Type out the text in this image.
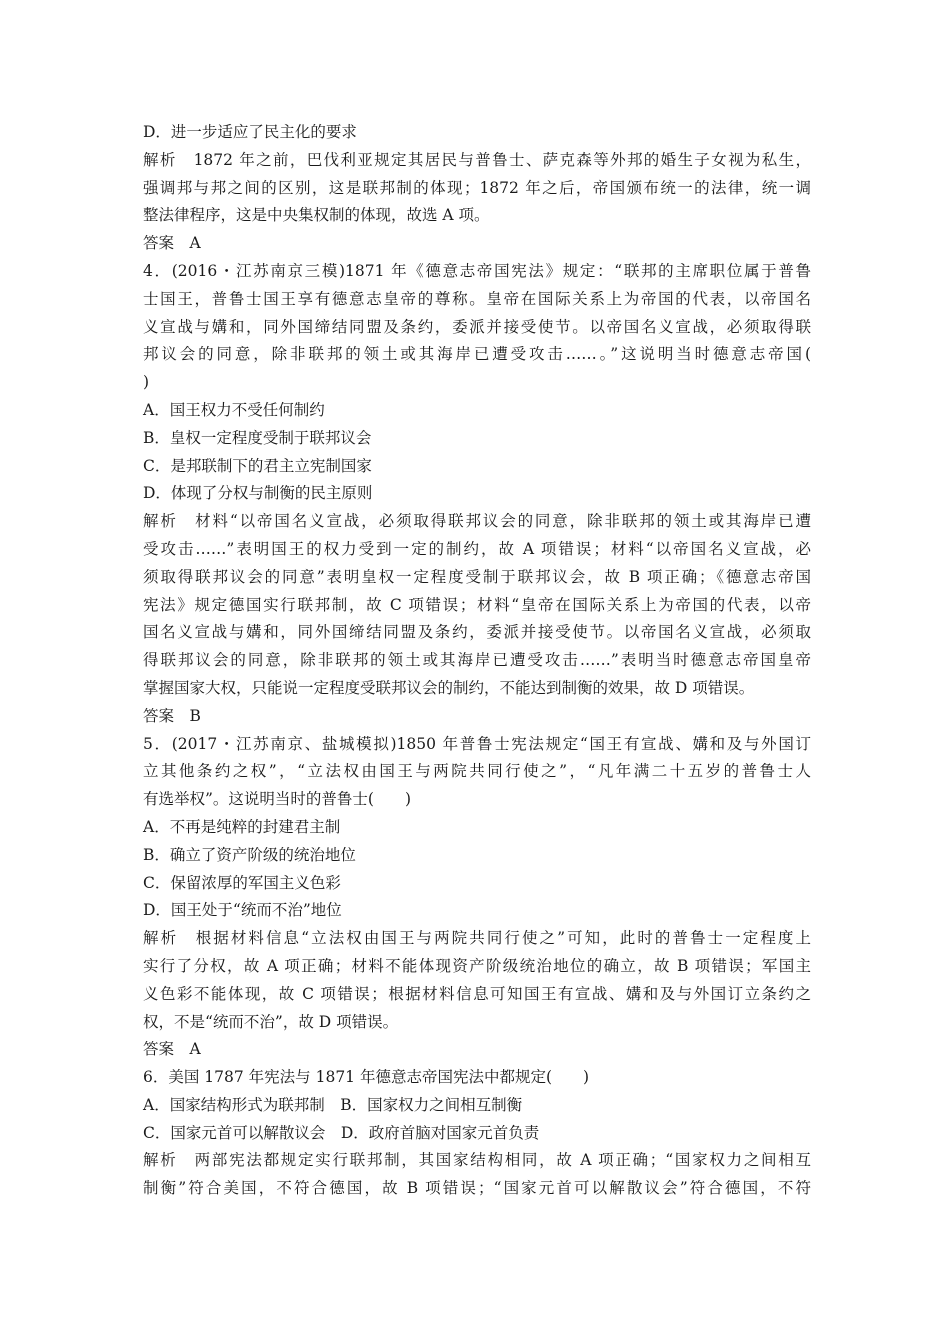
D．进一步适应了民主化的要求
解析　1872 年之前，巴伐利亚规定其居民与普鲁士、萨克森等外邦的婚生子女视为私生，
强调邦与邦之间的区别，这是联邦制的体现；1872 年之后，帝国颁布统一的法律，统一调
整法律程序，这是中央集权制的体现，故选 A 项。
答案　A
4．(2016・江苏南京三模)1871 年《德意志帝国宪法》规定：“联邦的主席职位属于普鲁
士国王，普鲁士国王享有德意志皇帝的尊称。皇帝在国际关系上为帝国的代表，以帝国名
义宣战与媾和，同外国缔结同盟及条约，委派并接受使节。以帝国名义宣战，必须取得联
邦议会的同意，除非联邦的领土或其海岸已遭受攻击……。”这说明当时德意志帝国(
)
A．国王权力不受任何制约
B．皇权一定程度受制于联邦议会
C．是邦联制下的君主立宪制国家
D．体现了分权与制衡的民主原则
解析　材料“以帝国名义宣战，必须取得联邦议会的同意，除非联邦的领土或其海岸已遭
受攻击……”表明国王的权力受到一定的制约，故 A 项错误；材料“以帝国名义宣战，必
须取得联邦议会的同意”表明皇权一定程度受制于联邦议会，故 B 项正确；《德意志帝国
宪法》规定德国实行联邦制，故 C 项错误；材料“皇帝在国际关系上为帝国的代表，以帝
国名义宣战与媾和，同外国缔结同盟及条约，委派并接受使节。以帝国名义宣战，必须取
得联邦议会的同意，除非联邦的领土或其海岸已遭受攻击……”表明当时德意志帝国皇帝
掌握国家大权，只能说一定程度受联邦议会的制约，不能达到制衡的效果，故 D 项错误。
答案　B
5．(2017・江苏南京、盐城模拟)1850 年普鲁士宪法规定“国王有宣战、媾和及与外国订
立其他条约之权”，“立法权由国王与两院共同行使之”，“凡年满二十五岁的普鲁士人
有选举权”。这说明当时的普鲁士(　　)
A．不再是纯粹的封建君主制
B．确立了资产阶级的统治地位
C．保留浓厚的军国主义色彩
D．国王处于“统而不治”地位
解析　根据材料信息“立法权由国王与两院共同行使之”可知，此时的普鲁士一定程度上
实行了分权，故 A 项正确；材料不能体现资产阶级统治地位的确立，故 B 项错误；军国主
义色彩不能体现，故 C 项错误；根据材料信息可知国王有宣战、媾和及与外国订立条约之
权，不是“统而不治”，故 D 项错误。
答案　A
6．美国 1787 年宪法与 1871 年德意志帝国宪法中都规定(　　)
A．国家结构形式为联邦制　B．国家权力之间相互制衡
C．国家元首可以解散议会　D．政府首脑对国家元首负责
解析　两部宪法都规定实行联邦制，其国家结构相同，故 A 项正确；“国家权力之间相互
制衡”符合美国，不符合德国，故 B 项错误；“国家元首可以解散议会”符合德国，不符
